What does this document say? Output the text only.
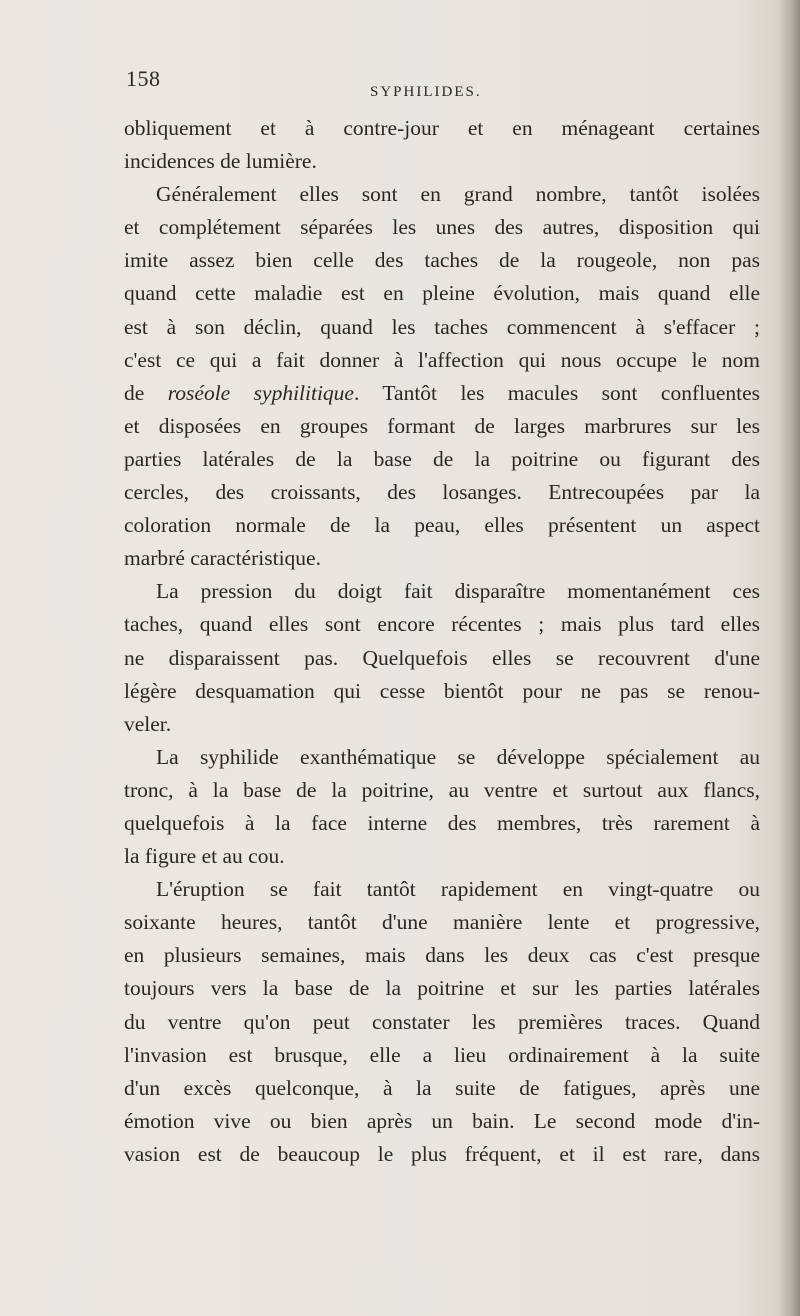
158
SYPHILIDES.
obliquement et à contre-jour et en ménageant certaines
incidences de lumière.
Généralement elles sont en grand nombre, tantôt isolées
et complétement séparées les unes des autres, disposition qui
imite assez bien celle des taches de la rougeole, non pas
quand cette maladie est en pleine évolution, mais quand elle
est à son déclin, quand les taches commencent à s'effacer ;
c'est ce qui a fait donner à l'affection qui nous occupe le nom
de roséole syphilitique. Tantôt les macules sont confluentes
et disposées en groupes formant de larges marbrures sur les
parties latérales de la base de la poitrine ou figurant des
cercles, des croissants, des losanges. Entrecoupées par la
coloration normale de la peau, elles présentent un aspect
marbré caractéristique.
La pression du doigt fait disparaître momentanément ces
taches, quand elles sont encore récentes ; mais plus tard elles
ne disparaissent pas. Quelquefois elles se recouvrent d'une
légère desquamation qui cesse bientôt pour ne pas se renou-
veler.
La syphilide exanthématique se développe spécialement au
tronc, à la base de la poitrine, au ventre et surtout aux flancs,
quelquefois à la face interne des membres, très rarement à
la figure et au cou.
L'éruption se fait tantôt rapidement en vingt-quatre ou
soixante heures, tantôt d'une manière lente et progressive,
en plusieurs semaines, mais dans les deux cas c'est presque
toujours vers la base de la poitrine et sur les parties latérales
du ventre qu'on peut constater les premières traces. Quand
l'invasion est brusque, elle a lieu ordinairement à la suite
d'un excès quelconque, à la suite de fatigues, après une
émotion vive ou bien après un bain. Le second mode d'in-
vasion est de beaucoup le plus fréquent, et il est rare, dans
